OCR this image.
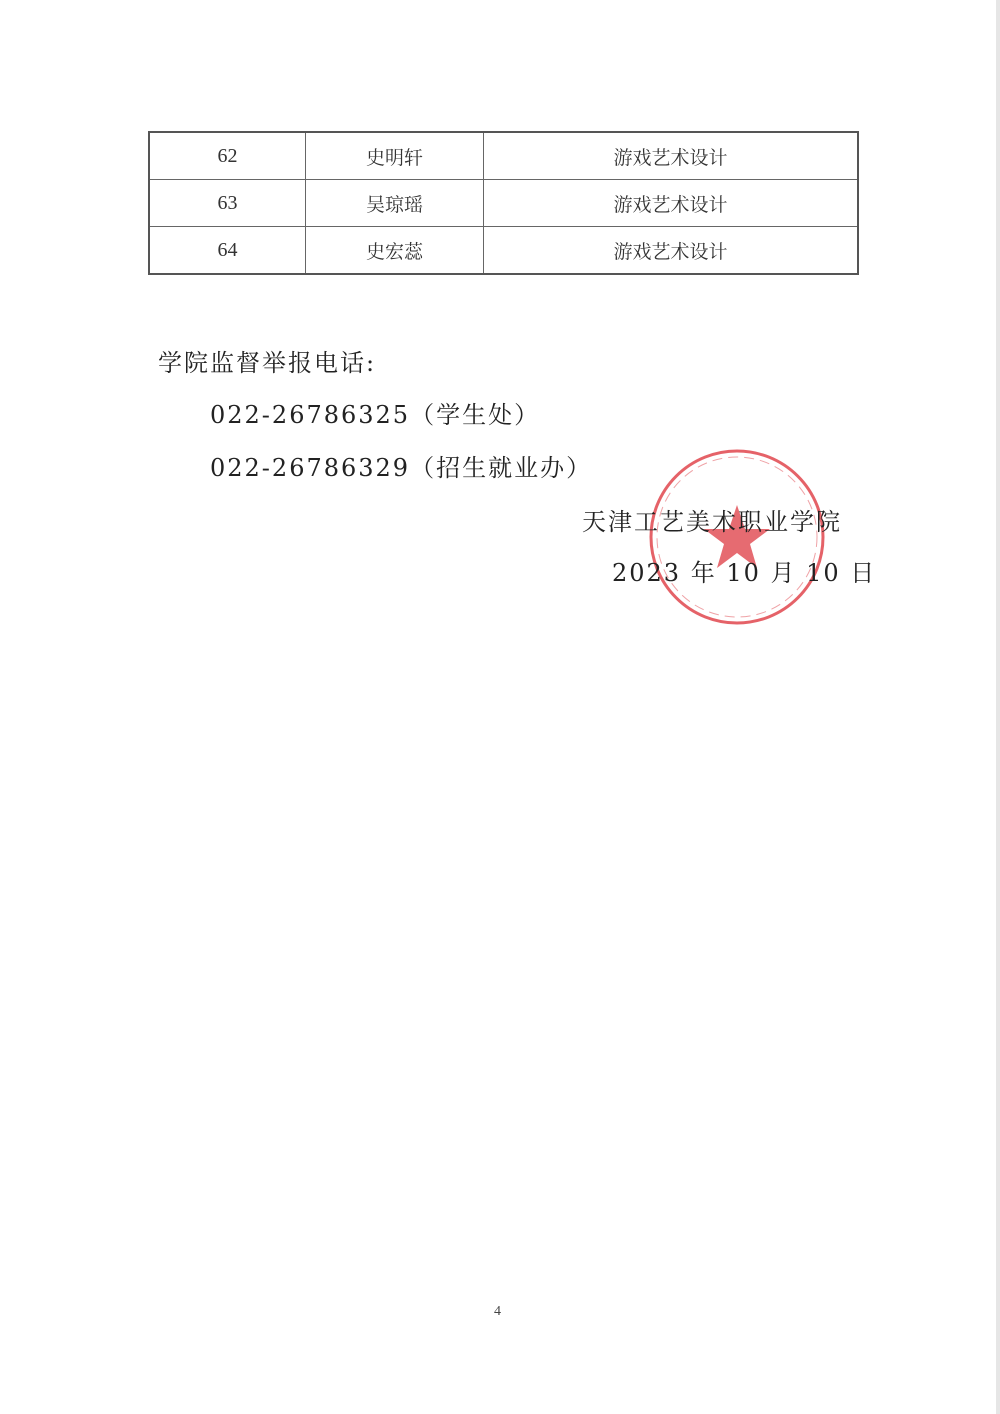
62	史明轩	游戏艺术设计
63	吴琼瑶	游戏艺术设计
64	史宏蕊	游戏艺术设计
学院监督举报电话:
022-26786325（学生处）
022-26786329（招生就业办）
天津工艺美术职业学院
2023 年 10 月 10 日
4
